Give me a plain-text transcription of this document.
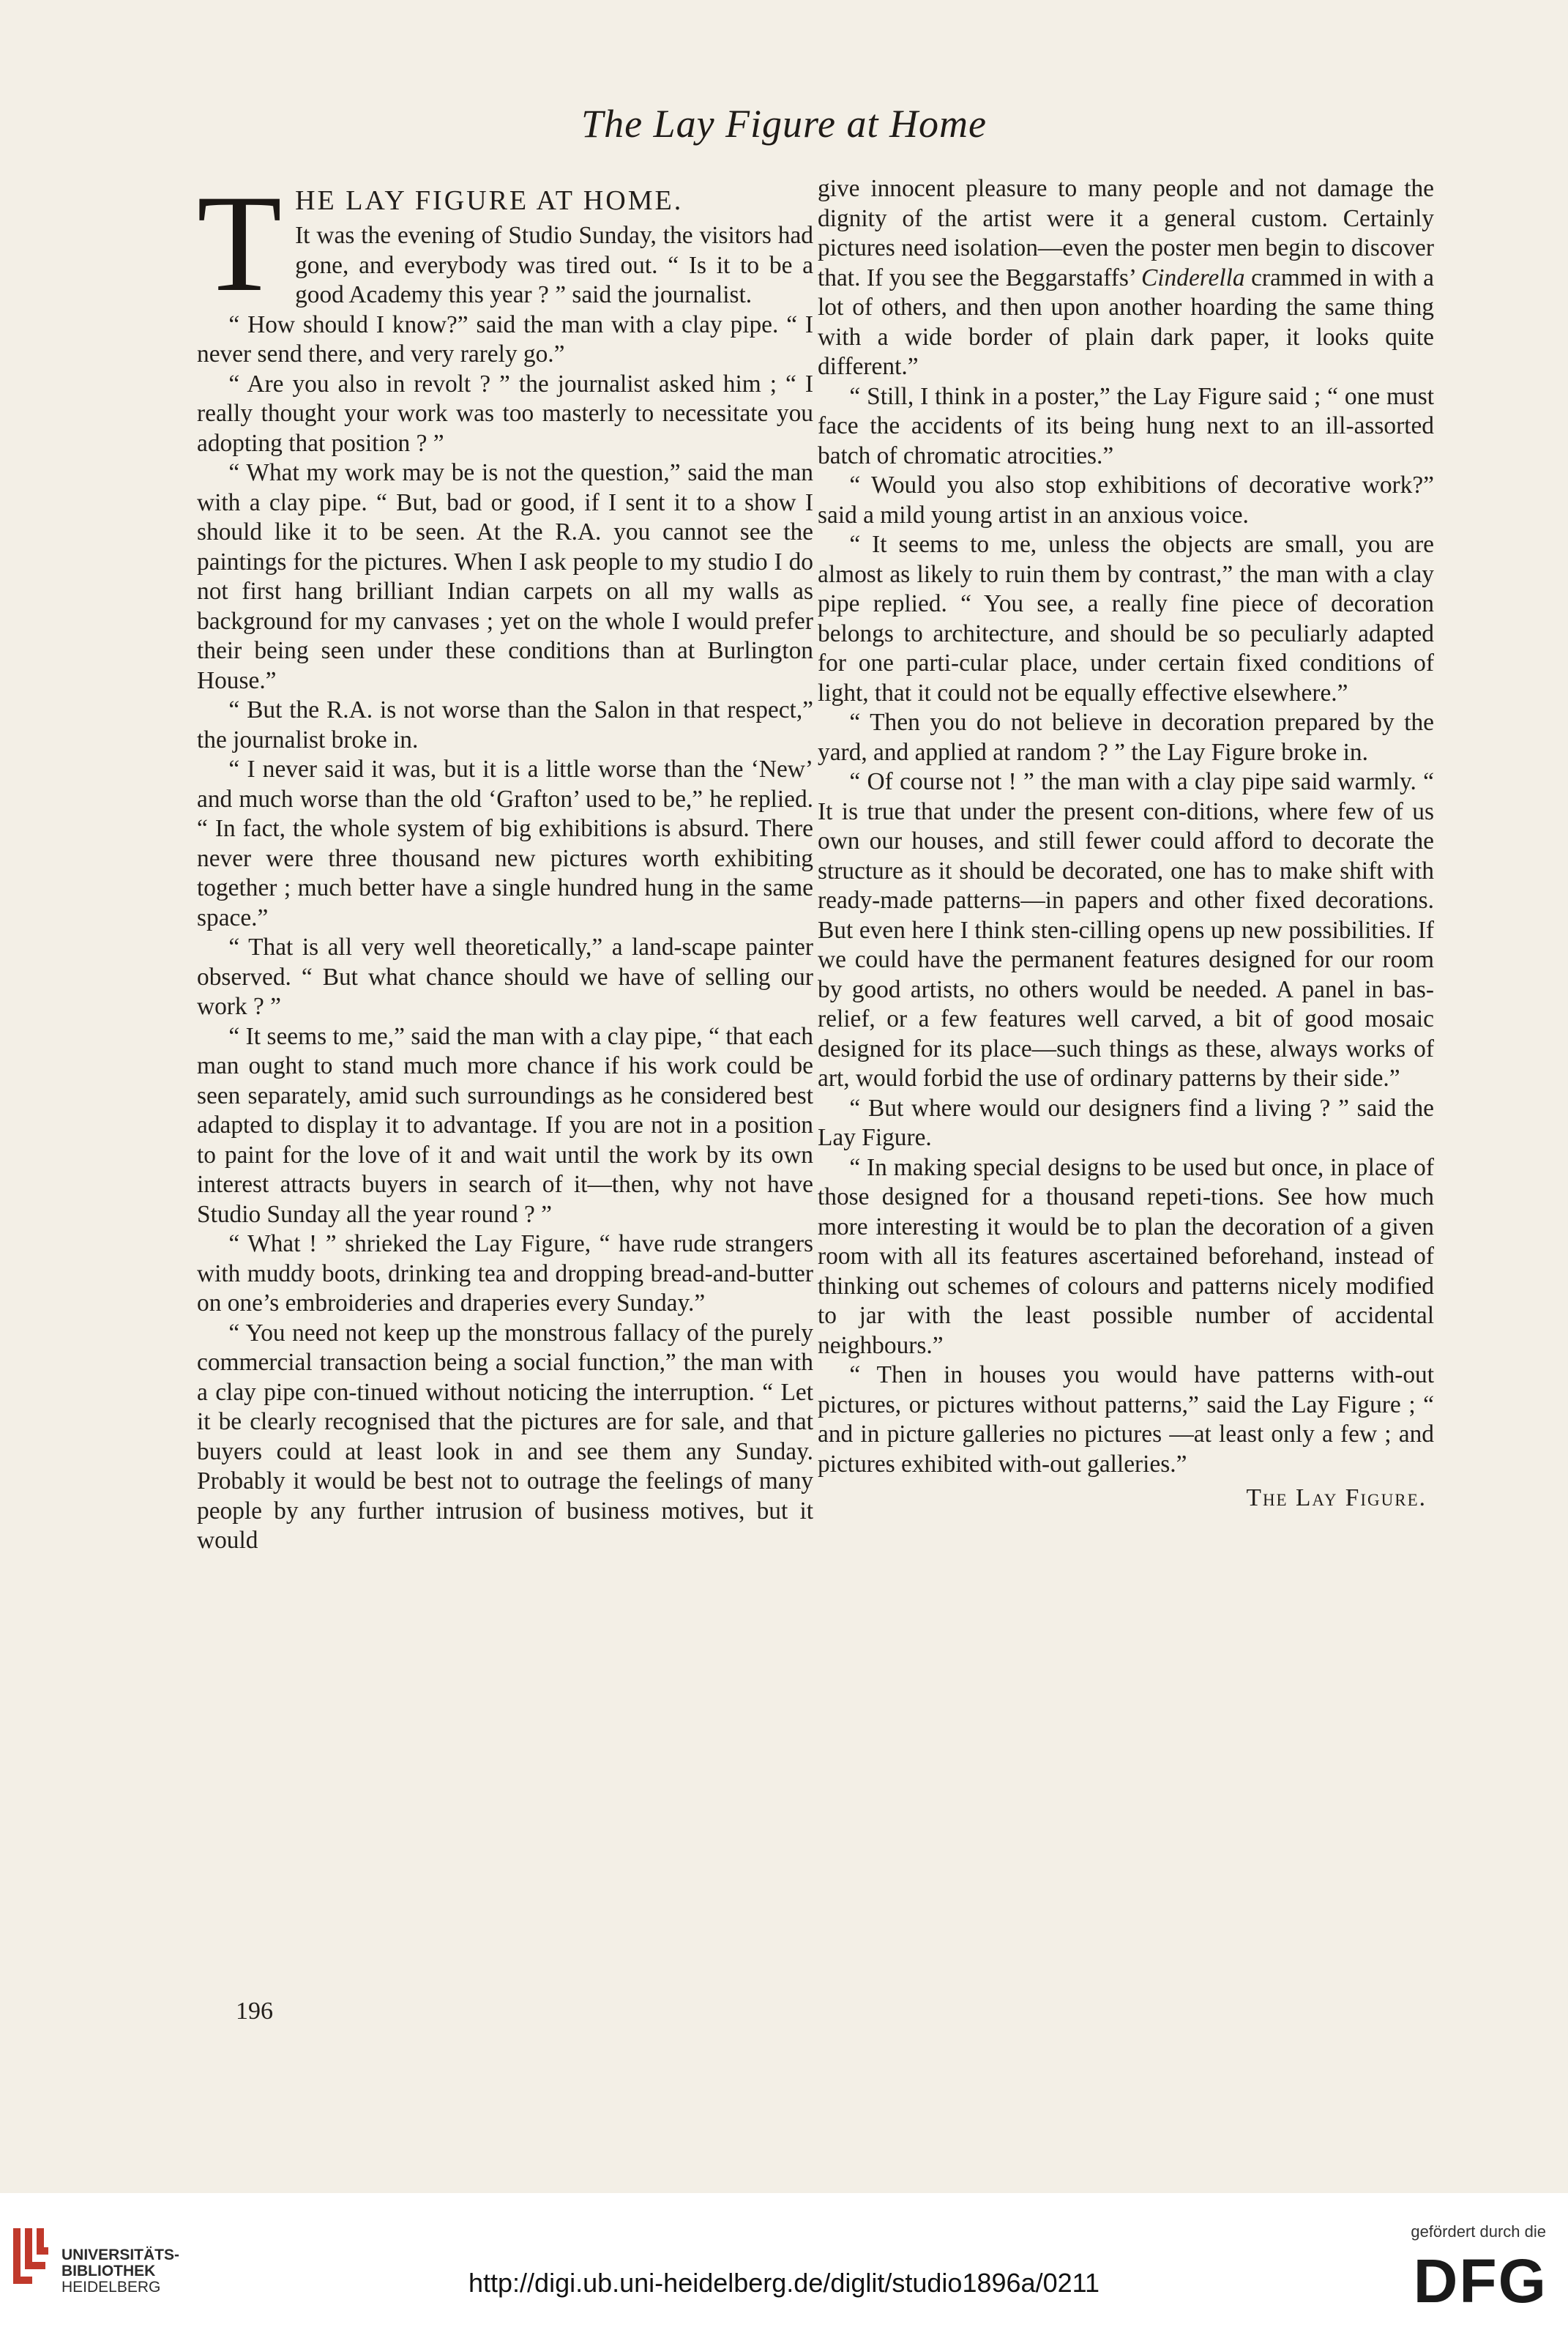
The Lay Figure at Home
T HE LAY FIGURE AT HOME.

It was the evening of Studio Sunday, the visitors had gone, and everybody was tired out. “ Is it to be a good Academy this year ? ” said the journalist.

“ How should I know?” said the man with a clay pipe. “ I never send there, and very rarely go.”

“ Are you also in revolt ? ” the journalist asked him ; “ I really thought your work was too masterly to necessitate you adopting that position ? ”

“ What my work may be is not the question,” said the man with a clay pipe. “ But, bad or good, if I sent it to a show I should like it to be seen. At the R.A. you cannot see the paintings for the pictures. When I ask people to my studio I do not first hang brilliant Indian carpets on all my walls as background for my canvases ; yet on the whole I would prefer their being seen under these conditions than at Burlington House.”

“ But the R.A. is not worse than the Salon in that respect,” the journalist broke in.

“ I never said it was, but it is a little worse than the ‘New’ and much worse than the old ‘Grafton’ used to be,” he replied. “ In fact, the whole system of big exhibitions is absurd. There never were three thousand new pictures worth exhibiting together ; much better have a single hundred hung in the same space.”

“ That is all very well theoretically,” a land-scape painter observed. “ But what chance should we have of selling our work ? ”

“ It seems to me,” said the man with a clay pipe, “ that each man ought to stand much more chance if his work could be seen separately, amid such surroundings as he considered best adapted to display it to advantage. If you are not in a position to paint for the love of it and wait until the work by its own interest attracts buyers in search of it—then, why not have Studio Sunday all the year round ? ”

“ What ! ” shrieked the Lay Figure, “ have rude strangers with muddy boots, drinking tea and dropping bread-and-butter on one’s embroideries and draperies every Sunday.”

“ You need not keep up the monstrous fallacy of the purely commercial transaction being a social function,” the man with a clay pipe con-tinued without noticing the interruption. “ Let it be clearly recognised that the pictures are for sale, and that buyers could at least look in and see them any Sunday. Probably it would be best not to outrage the feelings of many people by any further intrusion of business motives, but it would

give innocent pleasure to many people and not damage the dignity of the artist were it a general custom. Certainly pictures need isolation—even the poster men begin to discover that. If you see the Beggarstaffs’ Cinderella crammed in with a lot of others, and then upon another hoarding the same thing with a wide border of plain dark paper, it looks quite different.”

“ Still, I think in a poster,” the Lay Figure said ; “ one must face the accidents of its being hung next to an ill-assorted batch of chromatic atrocities.”

“ Would you also stop exhibitions of decorative work?” said a mild young artist in an anxious voice.

“ It seems to me, unless the objects are small, you are almost as likely to ruin them by contrast,” the man with a clay pipe replied. “ You see, a really fine piece of decoration belongs to architecture, and should be so peculiarly adapted for one parti-cular place, under certain fixed conditions of light, that it could not be equally effective elsewhere.”

“ Then you do not believe in decoration prepared by the yard, and applied at random ? ” the Lay Figure broke in.

“ Of course not ! ” the man with a clay pipe said warmly. “ It is true that under the present con-ditions, where few of us own our houses, and still fewer could afford to decorate the structure as it should be decorated, one has to make shift with ready-made patterns—in papers and other fixed decorations. But even here I think sten-cilling opens up new possibilities. If we could have the permanent features designed for our room by good artists, no others would be needed. A panel in bas-relief, or a few features well carved, a bit of good mosaic designed for its place—such things as these, always works of art, would forbid the use of ordinary patterns by their side.”

“ But where would our designers find a living ? ” said the Lay Figure.

“ In making special designs to be used but once, in place of those designed for a thousand repeti-tions. See how much more interesting it would be to plan the decoration of a given room with all its features ascertained beforehand, instead of thinking out schemes of colours and patterns nicely modified to jar with the least possible number of accidental neighbours.”

“ Then in houses you would have patterns with-out pictures, or pictures without patterns,” said the Lay Figure ; “ and in picture galleries no pictures —at least only a few ; and pictures exhibited with-out galleries.”

The Lay Figure.
196
UNIVERSITÄTS-
BIBLIOTHEK
HEIDELBERG	http://digi.ub.uni-heidelberg.de/diglit/studio1896a/0211
gefördert durch die
DFG
